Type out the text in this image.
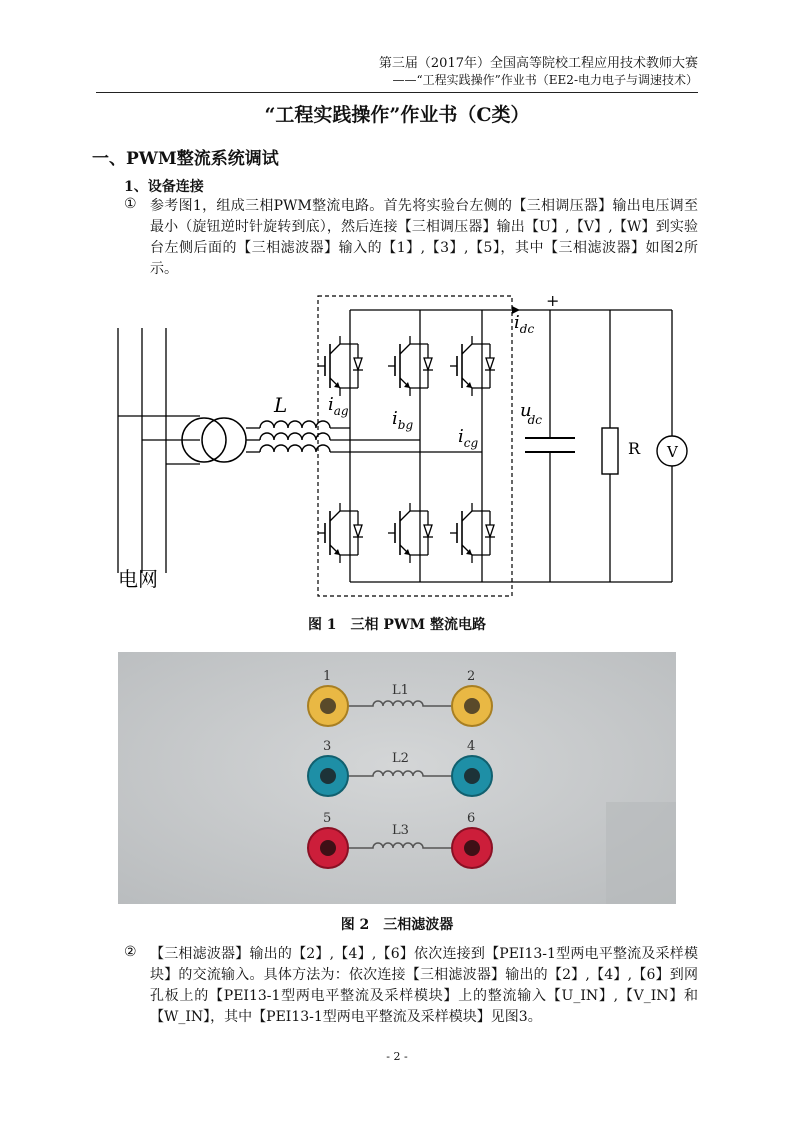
第三届（2017年）全国高等院校工程应用技术教师大赛
——“工程实践操作”作业书（EE2-电力电子与调速技术）
“工程实践操作”作业书（C类）
一、PWM整流系统调试
1、设备连接
① 参考图1，组成三相PWM整流电路。首先将实验台左侧的【三相调压器】输出电压调至最小（旋钮逆时针旋转到底），然后连接【三相调压器】输出【U】,【V】,【W】到实验台左侧后面的【三相滤波器】输入的【1】,【3】,【5】，其中【三相滤波器】如图2所示。
电网
L $i_{ag}$ $i_{bg}$
$i_{cg}$
$i_{dc}$
udc
+
R V
图 1　三相 PWM 整流电路
1	2
L1
3	4
L2
5	6
L3
图 2　三相滤波器
② 【三相滤波器】输出的【2】,【4】,【6】依次连接到【PEI13-1型两电平整流及采样模块】的交流输入。具体方法为：依次连接【三相滤波器】输出的【2】,【4】,【6】到网孔板上的【PEI13-1型两电平整流及采样模块】上的整流输入【U_IN】,【V_IN】和【W_IN】，其中【PEI13-1型两电平整流及采样模块】见图3。
- 2 -
